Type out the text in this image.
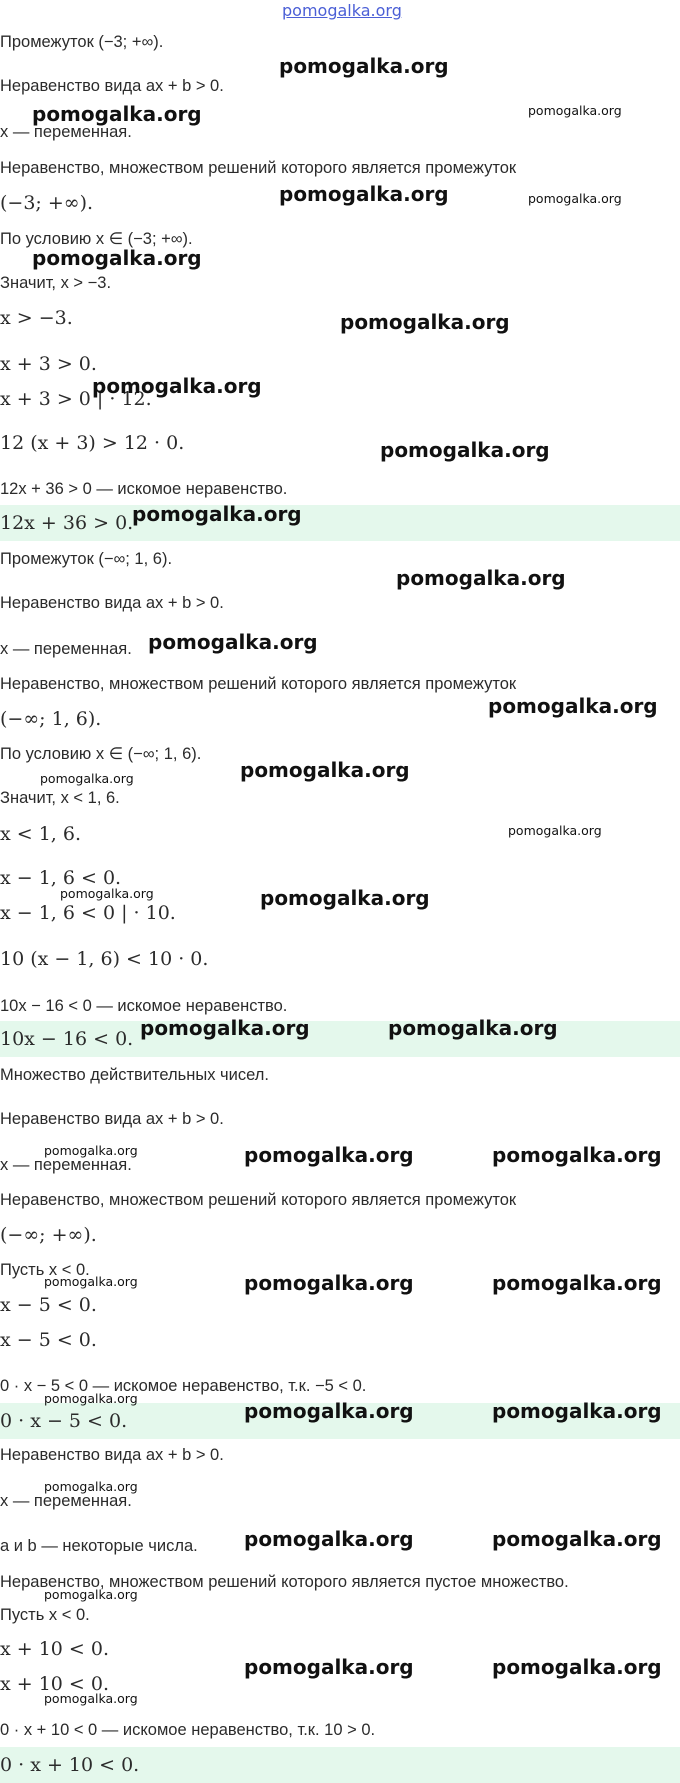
pomogalka.org
Промежуток (−3; +∞).
Неравенство вида ax + b > 0.
x — переменная.
Неравенство, множеством решений которого является промежуток
(−3; +∞).
По условию x ∈ (−3; +∞).
Значит, x > −3.
x > −3.
x + 3 > 0.
x + 3 > 0 | · 12.
12 (x + 3) > 12 · 0.
12x + 36 > 0 — искомое неравенство.
12x + 36 > 0.
Промежуток (−∞; 1, 6).
Неравенство вида ax + b > 0.
x — переменная.
Неравенство, множеством решений которого является промежуток
(−∞; 1, 6).
По условию x ∈ (−∞; 1, 6).
Значит, x < 1, 6.
x < 1, 6.
x − 1, 6 < 0.
x − 1, 6 < 0 | · 10.
10 (x − 1, 6) < 10 · 0.
10x − 16 < 0 — искомое неравенство.
10x − 16 < 0.
Множество действительных чисел.
Неравенство вида ax + b > 0.
x — переменная.
Неравенство, множеством решений которого является промежуток
(−∞; +∞).
Пусть x < 0.
x − 5 < 0.
x − 5 < 0.
0 · x − 5 < 0 — искомое неравенство, т.к. −5 < 0.
0 · x − 5 < 0.
Неравенство вида ax + b > 0.
x — переменная.
a и b — некоторые числа.
Неравенство, множеством решений которого является пустое множество.
Пусть x < 0.
x + 10 < 0.
x + 10 < 0.
0 · x + 10 < 0 — искомое неравенство, т.к. 10 > 0.
0 · x + 10 < 0.
pomogalka.org
pomogalka.org	pomogalka.org
pomogalka.org	pomogalka.org
pomogalka.org
pomogalka.org
pomogalka.org
pomogalka.org
pomogalka.org
pomogalka.org
pomogalka.org
pomogalka.org
pomogalka.org
pomogalka.org
pomogalka.org
pomogalka.org
pomogalka.org
pomogalka.org	pomogalka.org
pomogalka.org	pomogalka.org	pomogalka.org
pomogalka.org	pomogalka.org	pomogalka.org
pomogalka.org
pomogalka.org	pomogalka.org
pomogalka.org
pomogalka.org	pomogalka.org
pomogalka.org
pomogalka.org	pomogalka.org
pomogalka.org
